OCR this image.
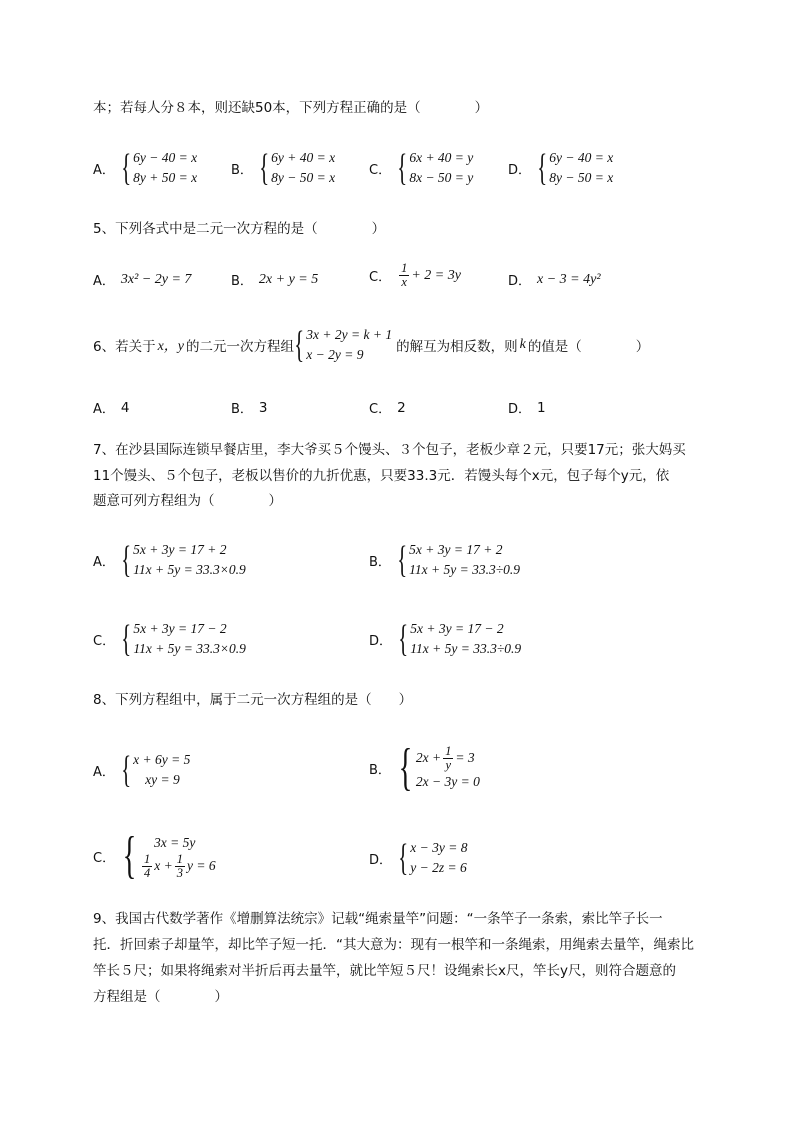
本；若每人分８本，则还缺50本，下列方程正确的是（　　　　）
A． { 6y − 40 = x
8y + 50 = x	B． { 6y + 40 = x
8y − 50 = x	C． { 6x + 40 = y
8x − 50 = y	D． { 6y − 40 = x
8y − 50 = x
5、下列各式中是二元一次方程的是（　　　　）
A． 3x² − 2y = 7	B． 2x + y = 5	C． $\frac{1}{x} + 2 = 3y$	D． x − 3 = 4y²
6、若关于 x，y 的二元一次方程组 { 3x + 2y = k + 1
x − 2y = 9	的解互为相反数，则 k 的值是（　　　　）
A． 4	B． 3	C． 2	D． 1
7、在沙县国际连锁早餐店里，李大爷买５个馒头、３个包子，老板少章２元，只要17元；张大妈买
11个馒头、５个包子，老板以售价的九折优惠，只要33.3元．若馒头每个x元，包子每个y元，依
题意可列方程组为（　　　　）
A． { 5x + 3y = 17 + 2
11x + 5y = 33.3×0.9	B． { 5x + 3y = 17 + 2
11x + 5y = 33.3÷0.9
C． { 5x + 3y = 17 − 2
11x + 5y = 33.3×0.9	D． { 5x + 3y = 17 − 2
11x + 5y = 33.3÷0.9
8、下列方程组中，属于二元一次方程组的是（　　）
A． { x + 6y = 5
xy = 9
B． { $2x + \frac{1}{y} = 3$
2x − 3y = 0
C． {	3x = 5y
$\frac{1}{4}$ $x + \frac{1}{3}$ y = 6	D． { x − 3y = 8
y − 2z = 6
9、我国古代数学著作《增删算法统宗》记载“绳索量竿”问题：“一条竿子一条索，索比竿子长一
托．折回索子却量竿，却比竿子短一托．“其大意为：现有一根竿和一条绳索，用绳索去量竿，绳索比
竿长５尺；如果将绳索对半折后再去量竿，就比竿短５尺！设绳索长x尺，竿长y尺，则符合题意的
方程组是（　　　　）
